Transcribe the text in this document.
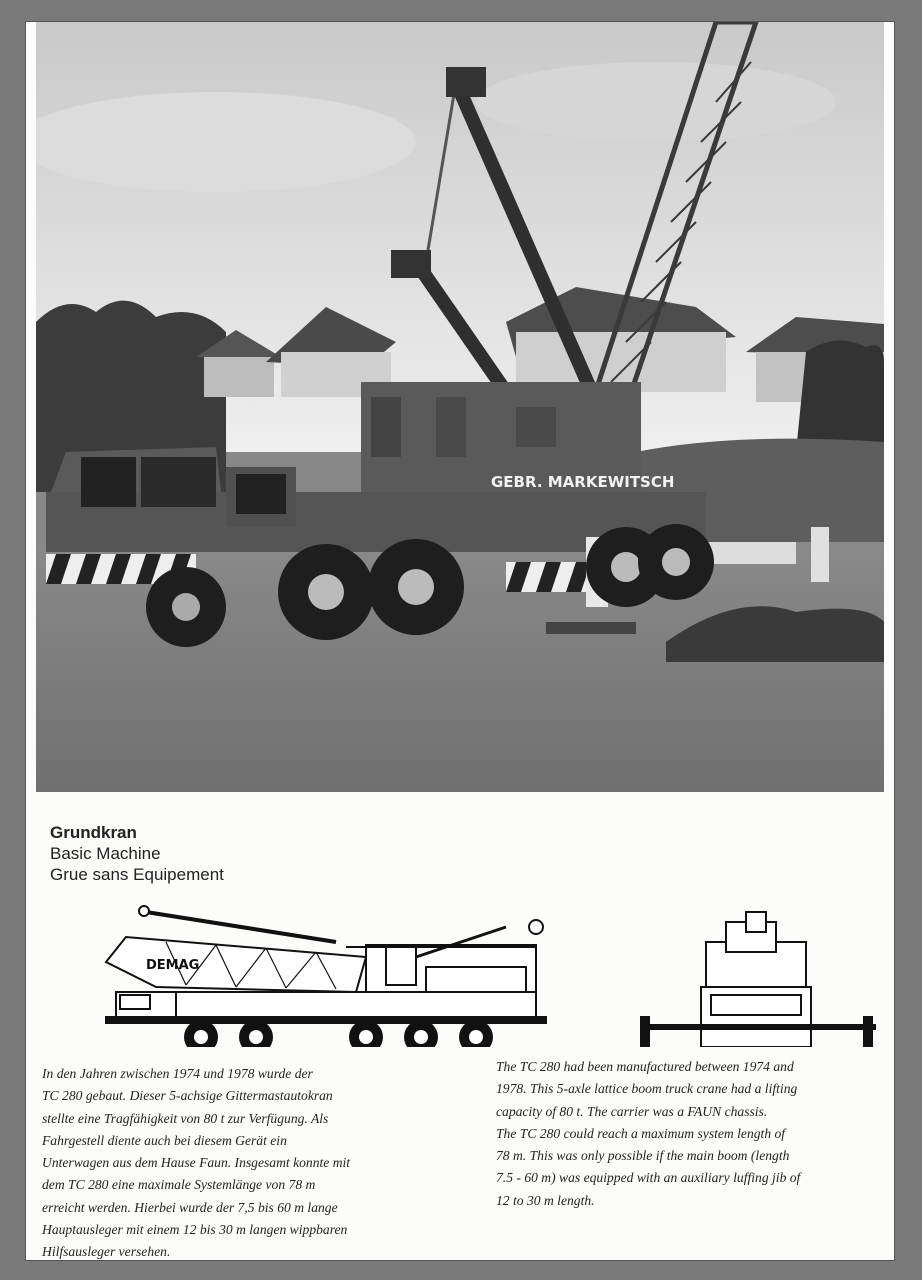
GEBR. MARKEWITSCH
Grundkran
Basic Machine
Grue sans Equipement
DEMAG
In den Jahren zwischen 1974 und 1978 wurde der
TC 280 gebaut. Dieser 5-achsige Gittermastautokran
stellte eine Tragfähigkeit von 80 t zur Verfügung. Als
Fahrgestell diente auch bei diesem Gerät ein
Unterwagen aus dem Hause Faun. Insgesamt konnte mit
dem TC 280 eine maximale Systemlänge von 78 m
erreicht werden. Hierbei wurde der 7,5 bis 60 m lange
Hauptausleger mit einem 12 bis 30 m langen wippbaren
Hilfsausleger versehen.
The TC 280 had been manufactured between 1974 and
1978. This 5-axle lattice boom truck crane had a lifting
capacity of 80 t. The carrier was a FAUN chassis.
The TC 280 could reach a maximum system length of
78 m. This was only possible if the main boom (length
7.5 - 60 m) was equipped with an auxiliary luffing jib of
12 to 30 m length.
